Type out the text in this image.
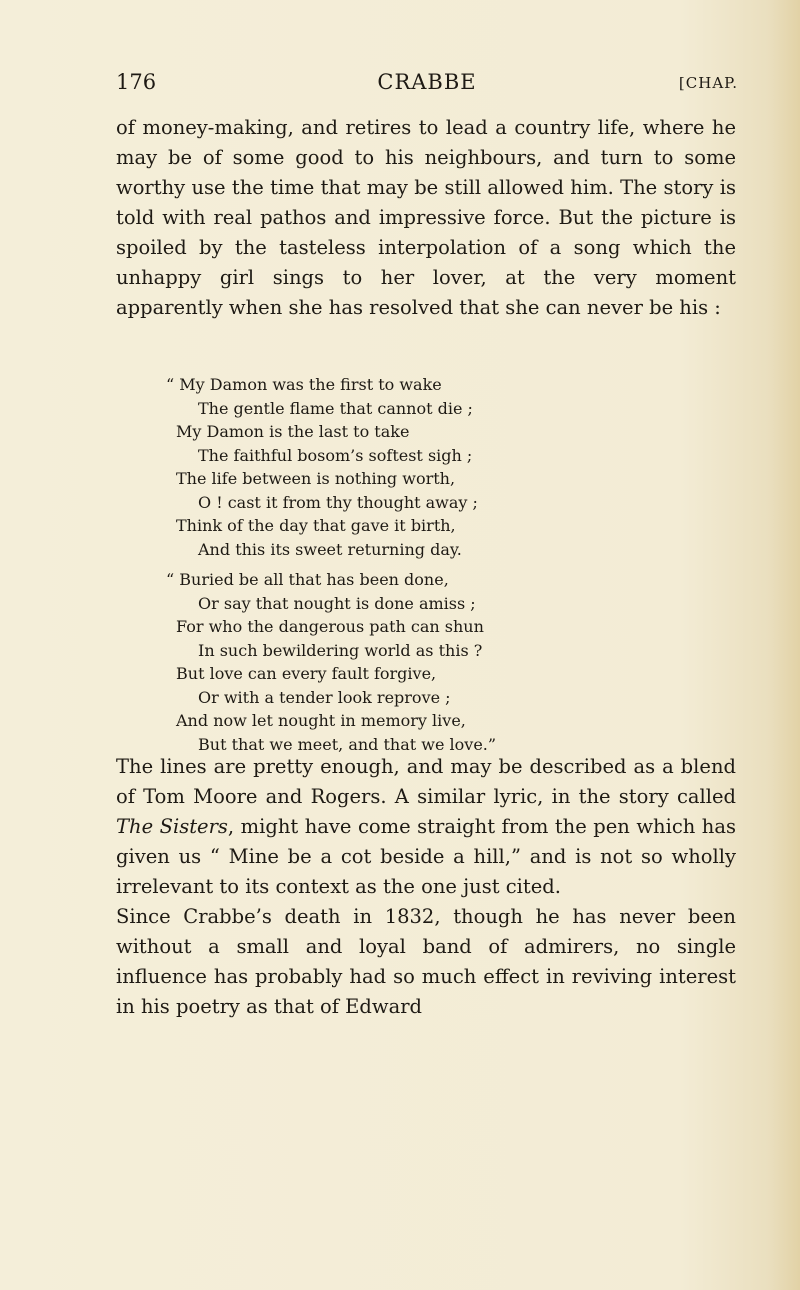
176	CRABBE	[CHAP.

of money-making, and retires to lead a country life, where he may be of some good to his neighbours, and turn to some worthy use the time that may be still allowed him. The story is told with real pathos and impressive force. But the picture is spoiled by the tasteless interpolation of a song which the unhappy girl sings to her lover, at the very moment apparently when she has resolved that she can never be his :

“ My Damon was the first to wake
The gentle flame that cannot die ;
My Damon is the last to take
The faithful bosom’s softest sigh ;
The life between is nothing worth,
O ! cast it from thy thought away ;
Think of the day that gave it birth,
And this its sweet returning day.
“ Buried be all that has been done,
Or say that nought is done amiss ;
For who the dangerous path can shun
In such bewildering world as this ?
But love can every fault forgive,
Or with a tender look reprove ;
And now let nought in memory live,
But that we meet, and that we love.”

The lines are pretty enough, and may be described as a blend of Tom Moore and Rogers. A similar lyric, in the story called The Sisters, might have come straight from the pen which has given us “ Mine be a cot beside a hill,” and is not so wholly irrelevant to its context as the one just cited.

Since Crabbe’s death in 1832, though he has never been without a small and loyal band of admirers, no single influence has probably had so much effect in reviving interest in his poetry as that of Edward
